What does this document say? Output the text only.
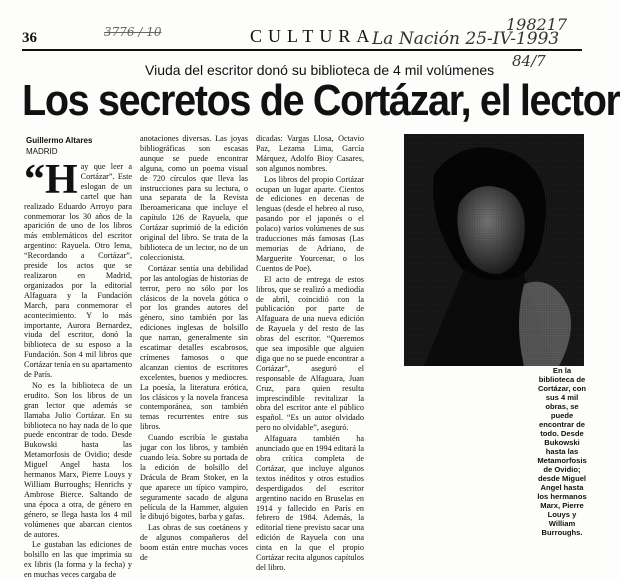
36	3776 / 10	CULTURA
La Nación 25-IV-1993
198217
84/7
Viuda del escritor donó su biblioteca de 4 mil volúmenes
Los secretos de Cortázar, el lector
Guillermo Altares
MADRID
“H ay que leer a Cortázar”. Este eslogan de un cartel que han realizado Eduardo Arroyo para conmemorar los 30 años de la aparición de uno de los libros más emblemáticos del escritor argentino: Rayuela. Otro lema, “Recordando a Cortázar”, preside los actos que se realizaron en Madrid, organizados por la editorial Alfaguara y la Fundación March, para conmemorar el acontecimiento. Y lo más importante, Aurora Bernardez, viuda del escritor, donó la biblioteca de su esposo a la Fundación. Son 4 mil libros que Cortázar tenía en su apartamento de París.

No es la biblioteca de un erudito. Son los libros de un gran lector que además se llamaba Julio Cortázar. En su biblioteca no hay nada de lo que puede encontrar de todo. Desde Bukowski hasta las Metamorfosis de Ovidio; desde Miguel Angel hasta los hermanos Marx, Pierre Louys y William Burroughs; Henrichs y Ambrose Bierce. Saltando de una época a otra, de género en género, se llega hasta los 4 mil volúmenes que abarcan cientos de autores.

Le gustaban las ediciones de bolsillo en las que imprimía su ex libris (la forma y la fecha) y en muchas veces cargaba de

anotaciones diversas. Las joyas bibliográficas son escasas aunque se puede encontrar alguna, como un poema visual de 720 círculos que lleva las instrucciones para su lectura, o una separata de la Revista Iberoamericana que incluye el capítulo 126 de Rayuela, que Cortázar suprimió de la edición original del libro. Se trata de la biblioteca de un lector, no de un coleccionista.

Cortázar sentía una debilidad por las antologías de historias de terror, pero no sólo por los clásicos de la novela gótica o por los grandes autores del género, sino también por las ediciones inglesas de bolsillo que narran, generalmente sin escatimar detalles escabrosos, crímenes famosos o que alcanzan cientos de escritores excelentes, buenos y mediocres. La poesía, la literatura erótica, los clásicos y la novela francesa contemporánea, son también temas recurrentes entre sus libros.

Cuando escribía le gustaba jugar con los libros, y también cuando leía. Sobre su portada de la edición de bolsillo del Drácula de Bram Stoker, en la que aparece un típico vampiro, seguramente sacado de alguna película de la Hammer, alguien le dibujó bigotes, barba y gafas.

Las obras de sus coetáneos y de algunos compañeros del boom están entre muchas voces de

dicadas: Vargas Llosa, Octavio Paz, Lezama Lima, García Márquez, Adolfo Bioy Casares, son algunos nombres.

Los libros del propio Cortázar ocupan un lugar aparte. Cientos de ediciones en decenas de lenguas (desde el hebreo al ruso, pasando por el japonés o el polaco) varios volúmenes de sus traducciones más famosas (Las memorias de Adriano, de Marguerite Yourcenar, o los Cuentos de Poe).

El acto de entrega de estos libros, que se realizó a mediodía de abril, coincidió con la publicación por parte de Alfaguara de una nueva edición de Rayuela y del resto de las obras del escritor. “Queremos que sea imposible que alguien diga que no se puede encontrar a Cortázar”, aseguró el responsable de Alfaguara, Juan Cruz, para quien resulta imprescindible revitalizar la obra del escritor ante el público español. “Es un autor olvidado pero no olvidable”, aseguró.

Alfaguara también ha anunciado que en 1994 editará la obra crítica completa de Cortázar, que incluye algunos textos inéditos y otros estudios desperdigados del escritor argentino nacido en Bruselas en 1914 y fallecido en París en febrero de 1984. Además, la editorial tiene previsto sacar una edición de Rayuela con una cinta en la que el propio Cortázar recita algunos capítulos del libro.

En la biblioteca de Cortázar, con sus 4 mil obras, se puede encontrar de todo. Desde Bukowski hasta las Metamorfosis de Ovidio; desde Miguel Angel hasta los hermanos Marx, Pierre Louys y William Burroughs.
